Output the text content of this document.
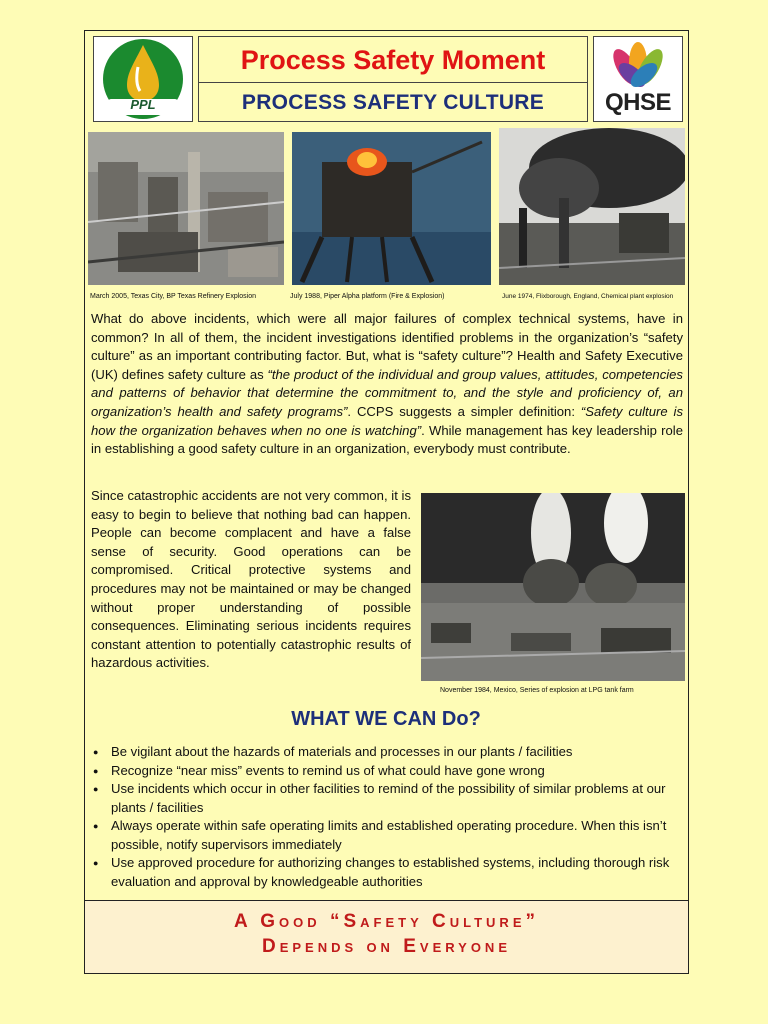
PPL
Process Safety Moment
PROCESS SAFETY CULTURE	QHSE
March 2005, Texas City, BP Texas Refinery Explosion	July 1988, Piper Alpha platform (Fire & Explosion)	June 1974, Flixborough, England, Chemical plant explosion

What do above incidents, which were all major failures of complex technical systems, have in common? In all of them, the incident investigations identified problems in the organization’s “safety culture” as an important contributing factor. But, what is “safety culture”? Health and Safety Executive (UK) defines safety culture as “the product of the individual and group values, attitudes, competencies and patterns of behavior that determine the commitment to, and the style and proficiency of, an organization’s health and safety programs”. CCPS suggests a simpler definition: “Safety culture is how the organization behaves when no one is watching”. While management has key leadership role in establishing a good safety culture in an organization, everybody must contribute.

Since catastrophic accidents are not very common, it is easy to begin to believe that nothing bad can happen. People can become complacent and have a false sense of security. Good operations can be compromised. Critical protective systems and procedures may not be maintained or may be changed without proper understanding of possible consequences. Eliminating serious incidents requires constant attention to potentially catastrophic results of hazardous activities.

November 1984, Mexico, Series of explosion at LPG tank farm
WHAT WE CAN Do?
● Be vigilant about the hazards of materials and processes in our plants / facilities
● Recognize “near miss” events to remind us of what could have gone wrong
● Use incidents which occur in other facilities to remind of the possibility of similar problems at our plants / facilities
● Always operate within safe operating limits and established operating procedure. When this isn’t possible, notify supervisors immediately
● Use approved procedure for authorizing changes to established systems, including thorough risk evaluation and approval by knowledgeable authorities
A Good “Safety Culture”
Depends on Everyone
